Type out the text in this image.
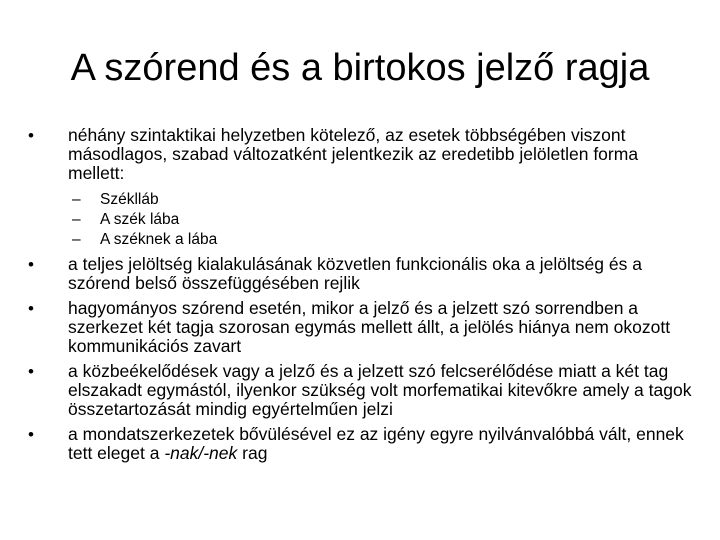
A szórend és a birtokos jelző ragja
•	néhány szintaktikai helyzetben kötelező, az esetek többségében viszont másodlagos, szabad változatként jelentkezik az eredetibb jelöletlen forma mellett:
–	Széklláb
–	A szék lába
–	A széknek a lába
•	a teljes jelöltség kialakulásának közvetlen funkcionális oka a jelöltség és a szórend belső összefüggésében rejlik
•	hagyományos szórend esetén, mikor a jelző és a jelzett szó sorrendben a szerkezet két tagja szorosan egymás mellett állt, a jelölés hiánya nem okozott kommunikációs zavart
•	a közbeékelődések vagy a jelző és a jelzett szó felcserélődése miatt a két tag elszakadt egymástól, ilyenkor szükség volt morfematikai kitevőkre amely a tagok összetartozását mindig egyértelműen jelzi
•	a mondatszerkezetek bővülésével ez az igény egyre nyilvánvalóbbá vált, ennek tett eleget a -nak/-nek rag
